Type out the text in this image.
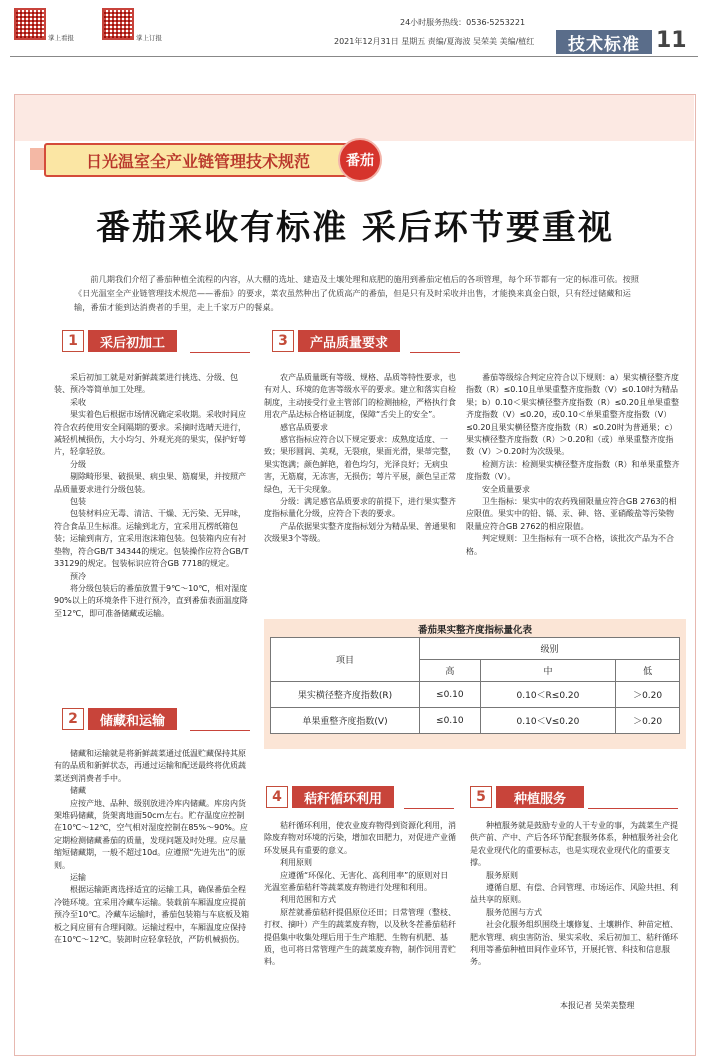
掌上看报	掌上订报
24小时服务热线：0536-5253221
2021年12月31日 星期五 责编/夏海波 吴荣美 美编/植红	技术标准 11
日光温室全产业链管理技术规范	番茄
番茄采收有标准 采后环节要重视
前几期我们介绍了番茄种植全流程的内容，从大棚的选址、建造及土壤处理和底肥的施用到番茄定植后的各项管理，每个环节都有一定的标准可依。按照《日光温室全产业链管理技术规范——番茄》的要求，菜农虽然种出了优质高产的番茄，但是只有及时采收并出售，才能换来真金白银，只有经过储藏和运输，番茄才能到达消费者的手里，走上千家万户的餐桌。
1	采后初加工
2	储藏和运输
3	产品质量要求
4	秸秆循环利用	5	种植服务

采后初加工就是对新鲜蔬菜进行挑选、分级、包装、预冷等简单加工处理。

采收

果实着色后根据市场情况确定采收期。采收时间应符合农药使用安全间隔期的要求。采摘时选晴天进行，减轻机械损伤，大小均匀、外观光亮的果实，保护好萼片，轻拿轻放。

分级

剔除畸形果、破损果、病虫果、筋腐果，并按照产品质量要求进行分级包装。

包装

包装材料应无毒、清洁、干燥、无污染、无异味，符合食品卫生标准。运输到北方，宜采用瓦楞纸箱包装；运输到南方，宜采用泡沫箱包装。包装箱内应有衬垫物，符合GB/T 34344的规定。包装操作应符合GB/T 33129的规定。包装标识应符合GB 7718的规定。

预冷

将分级包装后的番茄放置于9℃～10℃，相对湿度90%以上的环境条件下进行预冷，直到番茄表面温度降至12℃，即可准备储藏或运输。

储藏和运输就是将新鲜蔬菜通过低温贮藏保持其原有的品质和新鲜状态，再通过运输和配送最终将优质蔬菜送到消费者手中。

储藏

应按产地、品种、级别放进冷库内储藏。库房内货架堆码储藏，货架离地面50cm左右。贮存温度应控制在10℃～12℃，空气相对湿度控制在85%～90%。应定期检测储藏番茄的质量，发现问题及时处理。应尽量缩短储藏期，一般不超过10d。应遵照“先进先出”的原则。

运输

根据运输距离选择适宜的运输工具，确保番茄全程冷链环境。宜采用冷藏车运输。装载前车厢温度应提前预冷至10℃。冷藏车运输时，番茄包装箱与车底板及箱板之间应留有合理间隙。运输过程中，车厢温度应保持在10℃～12℃。装卸时应轻拿轻放，严防机械损伤。

农产品质量既有等级、规格、品质等特性要求，也有对人、环境的危害等级水平的要求。建立和落实自检制度，主动接受行业主管部门的检测抽检，严格执行食用农产品达标合格证制度，保障“舌尖上的安全”。

感官品质要求

感官指标应符合以下规定要求：成熟度适度、一致；果形圆润、美观，无裂痕，果面光滑，果蒂完整，果实饱满；颜色鲜艳，着色均匀，光泽良好；无病虫害，无筋腐，无冻害，无损伤；萼片平展，颜色呈正常绿色，无干尖现象。

分级：满足感官品质要求的前提下，进行果实整齐度指标量化分级，应符合下表的要求。

产品依据果实整齐度指标划分为精品果、普通果和次级果3个等级。

番茄等级综合判定应符合以下规则：a）果实横径整齐度指数（R）≤0.10且单果重整齐度指数（V）≤0.10时为精品果；b）0.10＜果实横径整齐度指数（R）≤0.20且单果重整齐度指数（V）≤0.20，或0.10＜单果重整齐度指数（V）≤0.20且果实横径整齐度指数（R）≤0.20时为普通果；c）果实横径整齐度指数（R）＞0.20和（或）单果重整齐度指数（V）＞0.20时为次级果。

检测方法：检测果实横径整齐度指数（R）和单果重整齐度指数（V）。

安全质量要求

卫生指标：果实中的农药残留限量应符合GB 2763的相应限值。果实中的铅、镉、汞、砷、铬、亚硝酸盐等污染物限量应符合GB 2762的相应限值。

判定规则：卫生指标有一项不合格，该批次产品为不合格。

番茄果实整齐度指标量化表
项目	级别		
	高	中	低
果实横径整齐度指数(R)	≤0.10	0.10＜R≤0.20	＞0.20
单果重整齐度指数(V)	≤0.10	0.10＜V≤0.20	＞0.20

秸秆循环利用，使农业废弃物得到资源化利用，消除废弃物对环境的污染，增加农田肥力，对促进产业循环发展具有重要的意义。

利用原则

应遵循“环保化、无害化、高利用率”的原则对日光温室番茄秸秆等蔬菜废弃物进行处理和利用。

利用范围和方式

原茬就番茄秸秆提倡原位还田；日常管理（整枝、打杈、摘叶）产生的蔬菜废弃物，以及秋冬茬番茄秸秆提倡集中收集处理后用于生产堆肥、生物有机肥、基质，也可将日常管理产生的蔬菜废弃物，制作饲用青贮料。

种植服务就是鼓励专业的人干专业的事，为蔬菜生产提供产前、产中、产后各环节配套服务体系，种植服务社会化是农业现代化的重要标志，也是实现农业现代化的重要支撑。

服务原则

遵循自愿、有偿、合同管理、市场运作、风险共担、利益共享的原则。

服务范围与方式

社会化服务组织围绕土壤修复、土壤耕作、种苗定植、肥水管理、病虫害防治、果实采收、采后初加工、秸秆循环利用等番茄种植田间作业环节，开展托管、科技和信息服务。

本报记者 吴荣美整理
